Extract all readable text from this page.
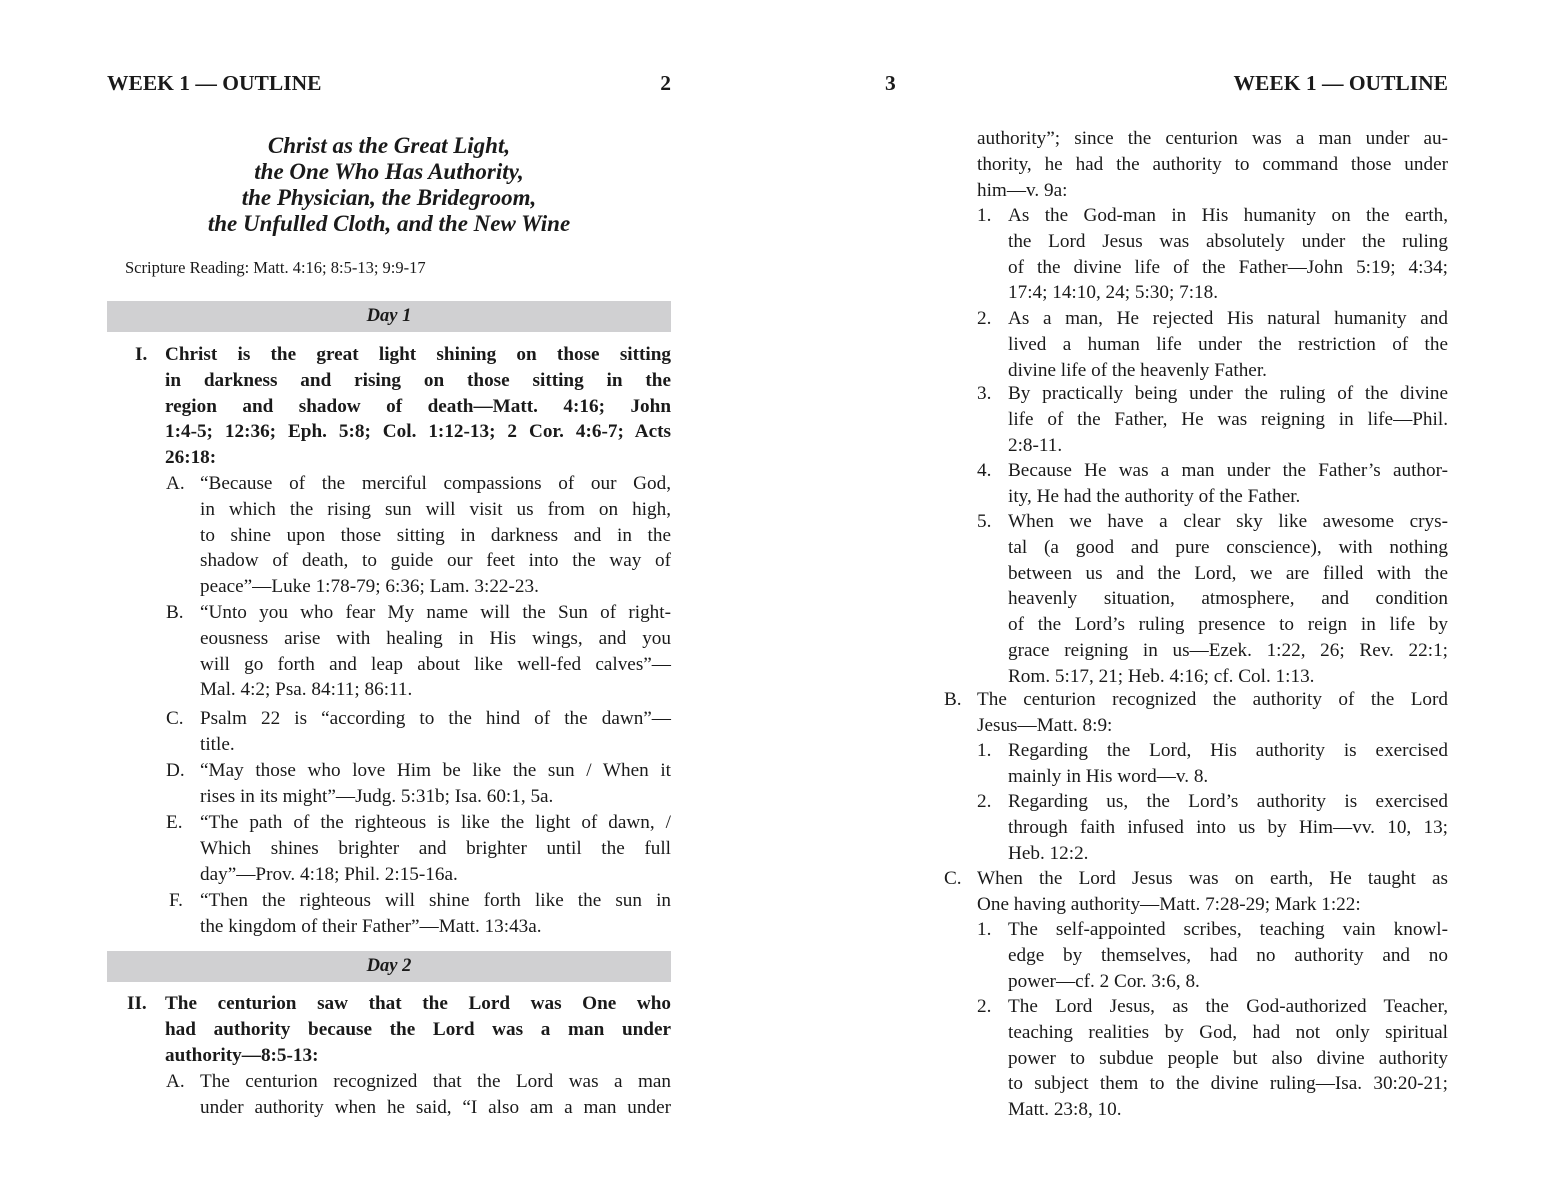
WEEK 1 — OUTLINE	2
Christ as the Great Light,
the One Who Has Authority,
the Physician, the Bridegroom,
the Unfulled Cloth, and the New Wine
Scripture Reading: Matt. 4:16; 8:5-13; 9:9-17
Day 1
I. Christ is the great light shining on those sitting
in darkness and rising on those sitting in the
region and shadow of death—Matt. 4:16; John
1:4-5; 12:36; Eph. 5:8; Col. 1:12-13; 2 Cor. 4:6-7; Acts
26:18:
A. “Because of the merciful compassions of our God,
in which the rising sun will visit us from on high,
to shine upon those sitting in darkness and in the
shadow of death, to guide our feet into the way of
peace”—Luke 1:78-79; 6:36; Lam. 3:22-23.
B. “Unto you who fear My name will the Sun of right-
eousness arise with healing in His wings, and you
will go forth and leap about like well-fed calves”—
Mal. 4:2; Psa. 84:11; 86:11.
C. Psalm 22 is “according to the hind of the dawn”—
title.
D. “May those who love Him be like the sun / When it
rises in its might”—Judg. 5:31b; Isa. 60:1, 5a.
E. “The path of the righteous is like the light of dawn, /
Which shines brighter and brighter until the full
day”—Prov. 4:18; Phil. 2:15-16a.
F. “Then the righteous will shine forth like the sun in
the kingdom of their Father”—Matt. 13:43a.
Day 2
II. The centurion saw that the Lord was One who
had authority because the Lord was a man under
authority—8:5-13:
A. The centurion recognized that the Lord was a man
under authority when he said, “I also am a man under
3	WEEK 1 — OUTLINE
authority”; since the centurion was a man under au-
thority, he had the authority to command those under
him—v. 9a:
1. As the God-man in His humanity on the earth,
the Lord Jesus was absolutely under the ruling
of the divine life of the Father—John 5:19; 4:34;
17:4; 14:10, 24; 5:30; 7:18.
2. As a man, He rejected His natural humanity and
lived a human life under the restriction of the
divine life of the heavenly Father.
3. By practically being under the ruling of the divine
life of the Father, He was reigning in life—Phil.
2:8-11.
4. Because He was a man under the Father’s author-
ity, He had the authority of the Father.
5. When we have a clear sky like awesome crys-
tal (a good and pure conscience), with nothing
between us and the Lord, we are filled with the
heavenly situation, atmosphere, and condition
of the Lord’s ruling presence to reign in life by
grace reigning in us—Ezek. 1:22, 26; Rev. 22:1;
Rom. 5:17, 21; Heb. 4:16; cf. Col. 1:13.
B. The centurion recognized the authority of the Lord
Jesus—Matt. 8:9:
1. Regarding the Lord, His authority is exercised
mainly in His word—v. 8.
2. Regarding us, the Lord’s authority is exercised
through faith infused into us by Him—vv. 10, 13;
Heb. 12:2.
C. When the Lord Jesus was on earth, He taught as
One having authority—Matt. 7:28-29; Mark 1:22:
1. The self-appointed scribes, teaching vain knowl-
edge by themselves, had no authority and no
power—cf. 2 Cor. 3:6, 8.
2. The Lord Jesus, as the God-authorized Teacher,
teaching realities by God, had not only spiritual
power to subdue people but also divine authority
to subject them to the divine ruling—Isa. 30:20-21;
Matt. 23:8, 10.
